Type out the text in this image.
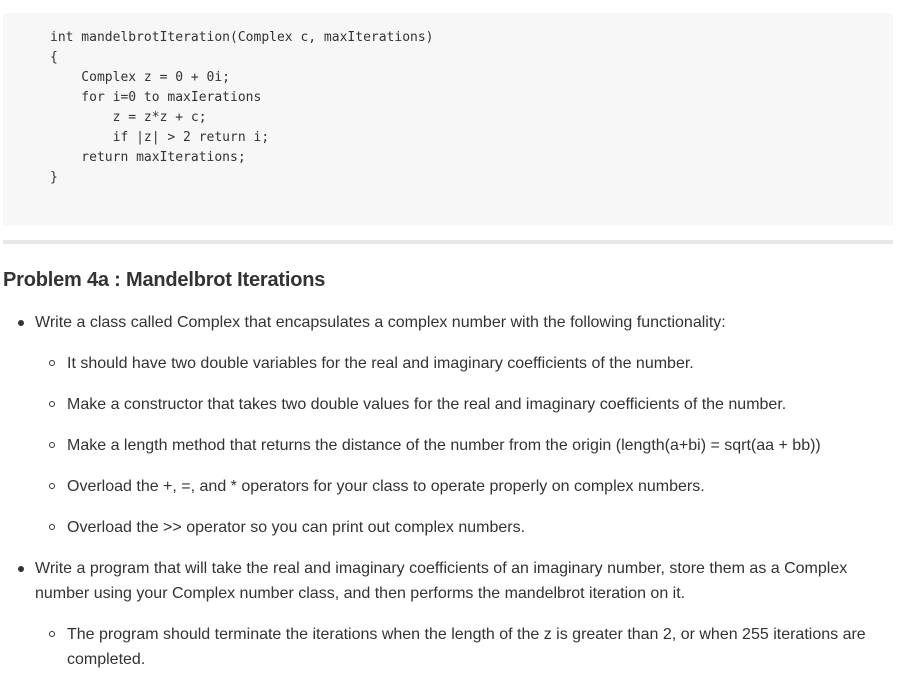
int mandelbrotIteration(Complex c, maxIterations)
{
Complex z = 0 + 0i;
for i=0 to maxIerations
z = z*z + c;
if |z| > 2 return i;
return maxIterations;
}
Problem 4a : Mandelbrot Iterations
Write a class called Complex that encapsulates a complex number with the following functionality:
It should have two double variables for the real and imaginary coefficients of the number.
Make a constructor that takes two double values for the real and imaginary coefficients of the number.
Make a length method that returns the distance of the number from the origin (length(a+bi) = sqrt(aa + bb))
Overload the +, =, and * operators for your class to operate properly on complex numbers.
Overload the >> operator so you can print out complex numbers.
Write a program that will take the real and imaginary coefficients of an imaginary number, store them as a Complex
number using your Complex number class, and then performs the mandelbrot iteration on it.
The program should terminate the iterations when the length of the z is greater than 2, or when 255 iterations are
completed.
